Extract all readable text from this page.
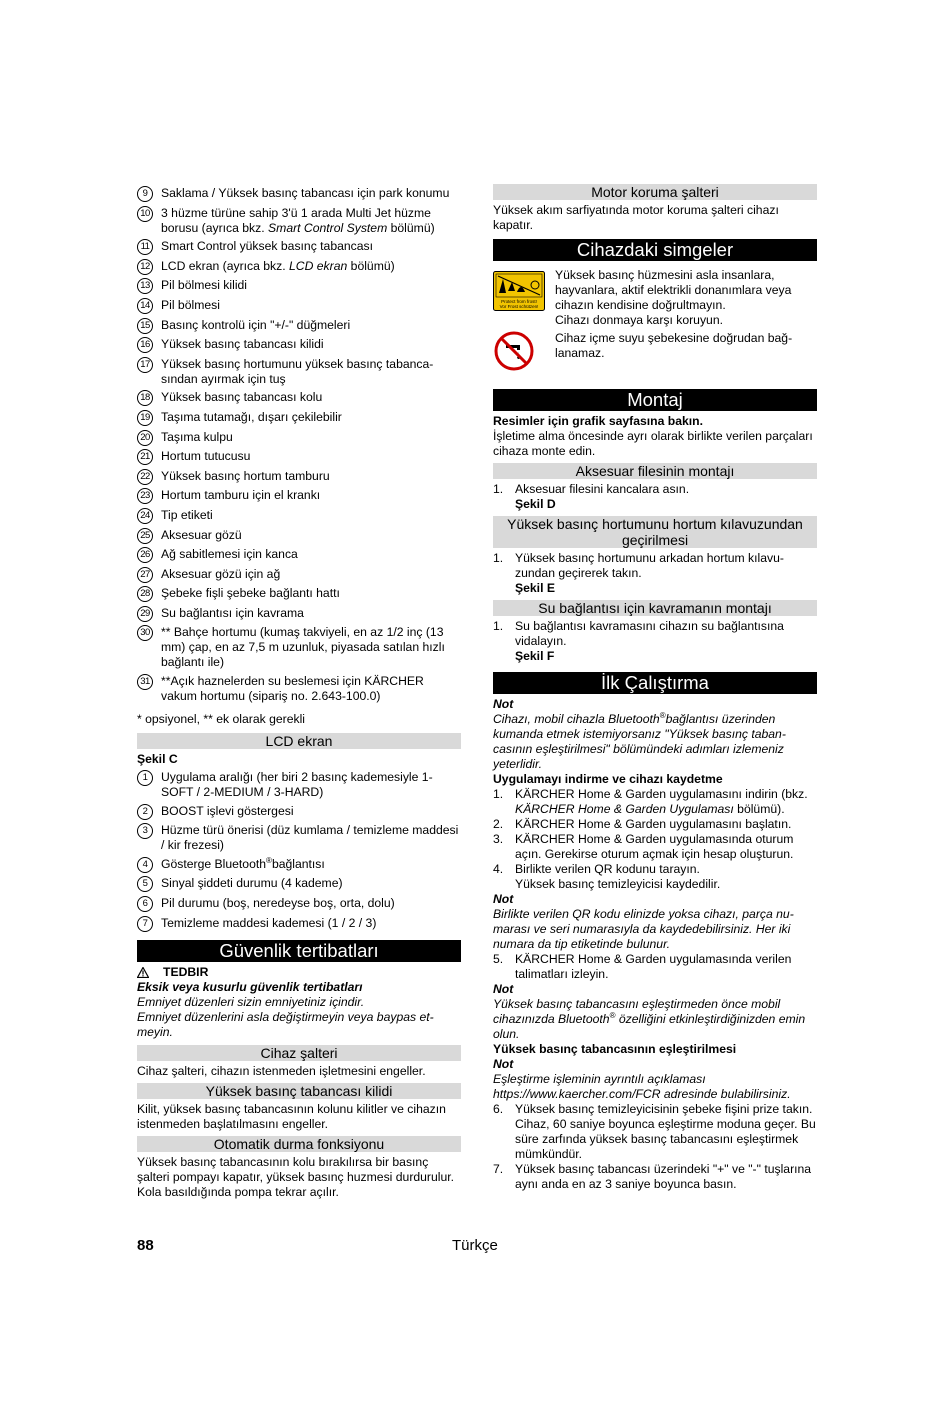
9	Saklama / Yüksek basınç tabancası için park konumu
10 3 hüzme türüne sahip 3'ü 1 arada Multi Jet hüzme borusu (ayrıca bkz. Smart Control System bölümü)
11 Smart Control yüksek basınç tabancası
12 LCD ekran (ayrıca bkz. LCD ekran bölümü)
13 Pil bölmesi kilidi
14 Pil bölmesi
15 Basınç kontrolü için "+/-" düğmeleri
16 Yüksek basınç tabancası kilidi
17 Yüksek basınç hortumunu yüksek basınç tabancasından ayırmak için tuş
18 Yüksek basınç tabancası kolu
19 Taşıma tutamağı, dışarı çekilebilir
20 Taşıma kulpu
21 Hortum tutucusu
22 Yüksek basınç hortum tamburu
23 Hortum tamburu için el krankı
24 Tip etiketi
25 Aksesuar gözü
26 Ağ sabitlemesi için kanca
27 Aksesuar gözü için ağ
28 Şebeke fişli şebeke bağlantı hattı
29 Su bağlantısı için kavrama
30 ** Bahçe hortumu (kumaş takviyeli, en az 1/2 inç (13 mm) çap, en az 7,5 m uzunluk, piyasada satılan hızlı bağlantı ile)
31 **Açık haznelerden su beslemesi için KÄRCHER vakum hortumu (sipariş no. 2.643-100.0)

* opsiyonel, ** ek olarak gerekli

LCD ekran

Şekil C

1	Uygulama aralığı (her biri 2 basınç kademesiyle 1-SOFT / 2-MEDIUM / 3-HARD)
2	BOOST işlevi göstergesi
3	Hüzme türü önerisi (düz kumlama / temizleme maddesi / kir frezesi)
4	Gösterge Bluetooth®bağlantısı
5	Sinyal şiddeti durumu (4 kademe)
6	Pil durumu (boş, neredeyse boş, orta, dolu)
7	Temizleme maddesi kademesi (1 / 2 / 3)
Güvenlik tertibatları

TEDBIR

Eksik veya kusurlu güvenlik tertibatları

Emniyet düzenleri sizin emniyetiniz içindir.

Emniyet düzenlerini asla değiştirmeyin veya baypas etmeyin.

Cihaz şalteri

Cihaz şalteri, cihazın istenmeden işletmesini engeller.

Yüksek basınç tabancası kilidi

Kilit, yüksek basınç tabancasının kolunu kilitler ve cihazın istenmeden başlatılmasını engeller.

Otomatik durma fonksiyonu

Yüksek basınç tabancasının kolu bırakılırsa bir basınç şalteri pompayı kapatır, yüksek basınç huzmesi durdurulur. Kola basıldığında pompa tekrar açılır.

Motor koruma şalteri

Yüksek akım sarfiyatında motor koruma şalteri cihazı kapatır.

Cihazdaki simgeler
Protect from frost!
Vor Frost schützen!

Yüksek basınç hüzmesini asla insanlara, hayvanlara, aktif elektrikli donanımlara veya cihazın kendisine doğrultmayın.

Cihazı donmaya karşı koruyun.

Cihaz içme suyu şebekesine doğrudan bağlanamaz.

Montaj

Resimler için grafik sayfasına bakın.

İşletime alma öncesinde ayrı olarak birlikte verilen parçaları cihaza monte edin.

Aksesuar filesinin montajı
1. Aksesuar filesini kancalara asın.

Şekil D

Yüksek basınç hortumunu hortum kılavuzundan geçirilmesi
1. Yüksek basınç hortumunu arkadan hortum kılavuzundan geçirerek takın.

Şekil E

Su bağlantısı için kavramanın montajı
1. Su bağlantısı kavramasını cihazın su bağlantısına vidalayın.

Şekil F

İlk Çalıştırma

Not

Cihazı, mobil cihazla Bluetooth®bağlantısı üzerinden kumanda etmek istemiyorsanız "Yüksek basınç tabancasının eşleştirilmesi" bölümündeki adımları izlemeniz yeterlidir.

Uygulamayı indirme ve cihazı kaydetme

1. KÄRCHER Home & Garden uygulamasını indirin (bkz. KÄRCHER Home & Garden Uygulaması bölümü).
2. KÄRCHER Home & Garden uygulamasını başlatın.
3. KÄRCHER Home & Garden uygulamasında oturum açın. Gerekirse oturum açmak için hesap oluşturun.
4. Birlikte verilen QR kodunu tarayın.
Yüksek basınç temizleyicisi kaydedilir.

Not

Birlikte verilen QR kodu elinizde yoksa cihazı, parça numarası ve seri numarasıyla da kaydedebilirsiniz. Her iki numara da tip etiketinde bulunur.

5. KÄRCHER Home & Garden uygulamasında verilen talimatları izleyin.

Not

Yüksek basınç tabancasını eşleştirmeden önce mobil cihazınızda Bluetooth® özelliğini etkinleştirdiğinizden emin olun.

Yüksek basınç tabancasının eşleştirilmesi

Not

Eşleştirme işleminin ayrıntılı açıklaması https://www.kaercher.com/FCR adresinde bulabilirsiniz.

6. Yüksek basınç temizleyicisinin şebeke fişini prize takın.
Cihaz, 60 saniye boyunca eşleştirme moduna geçer. Bu süre zarfında yüksek basınç tabancasını eşleştirmek mümkündür.
7. Yüksek basınç tabancası üzerindeki "+" ve "-" tuşlarına aynı anda en az 3 saniye boyunca basın.
88	Türkçe
